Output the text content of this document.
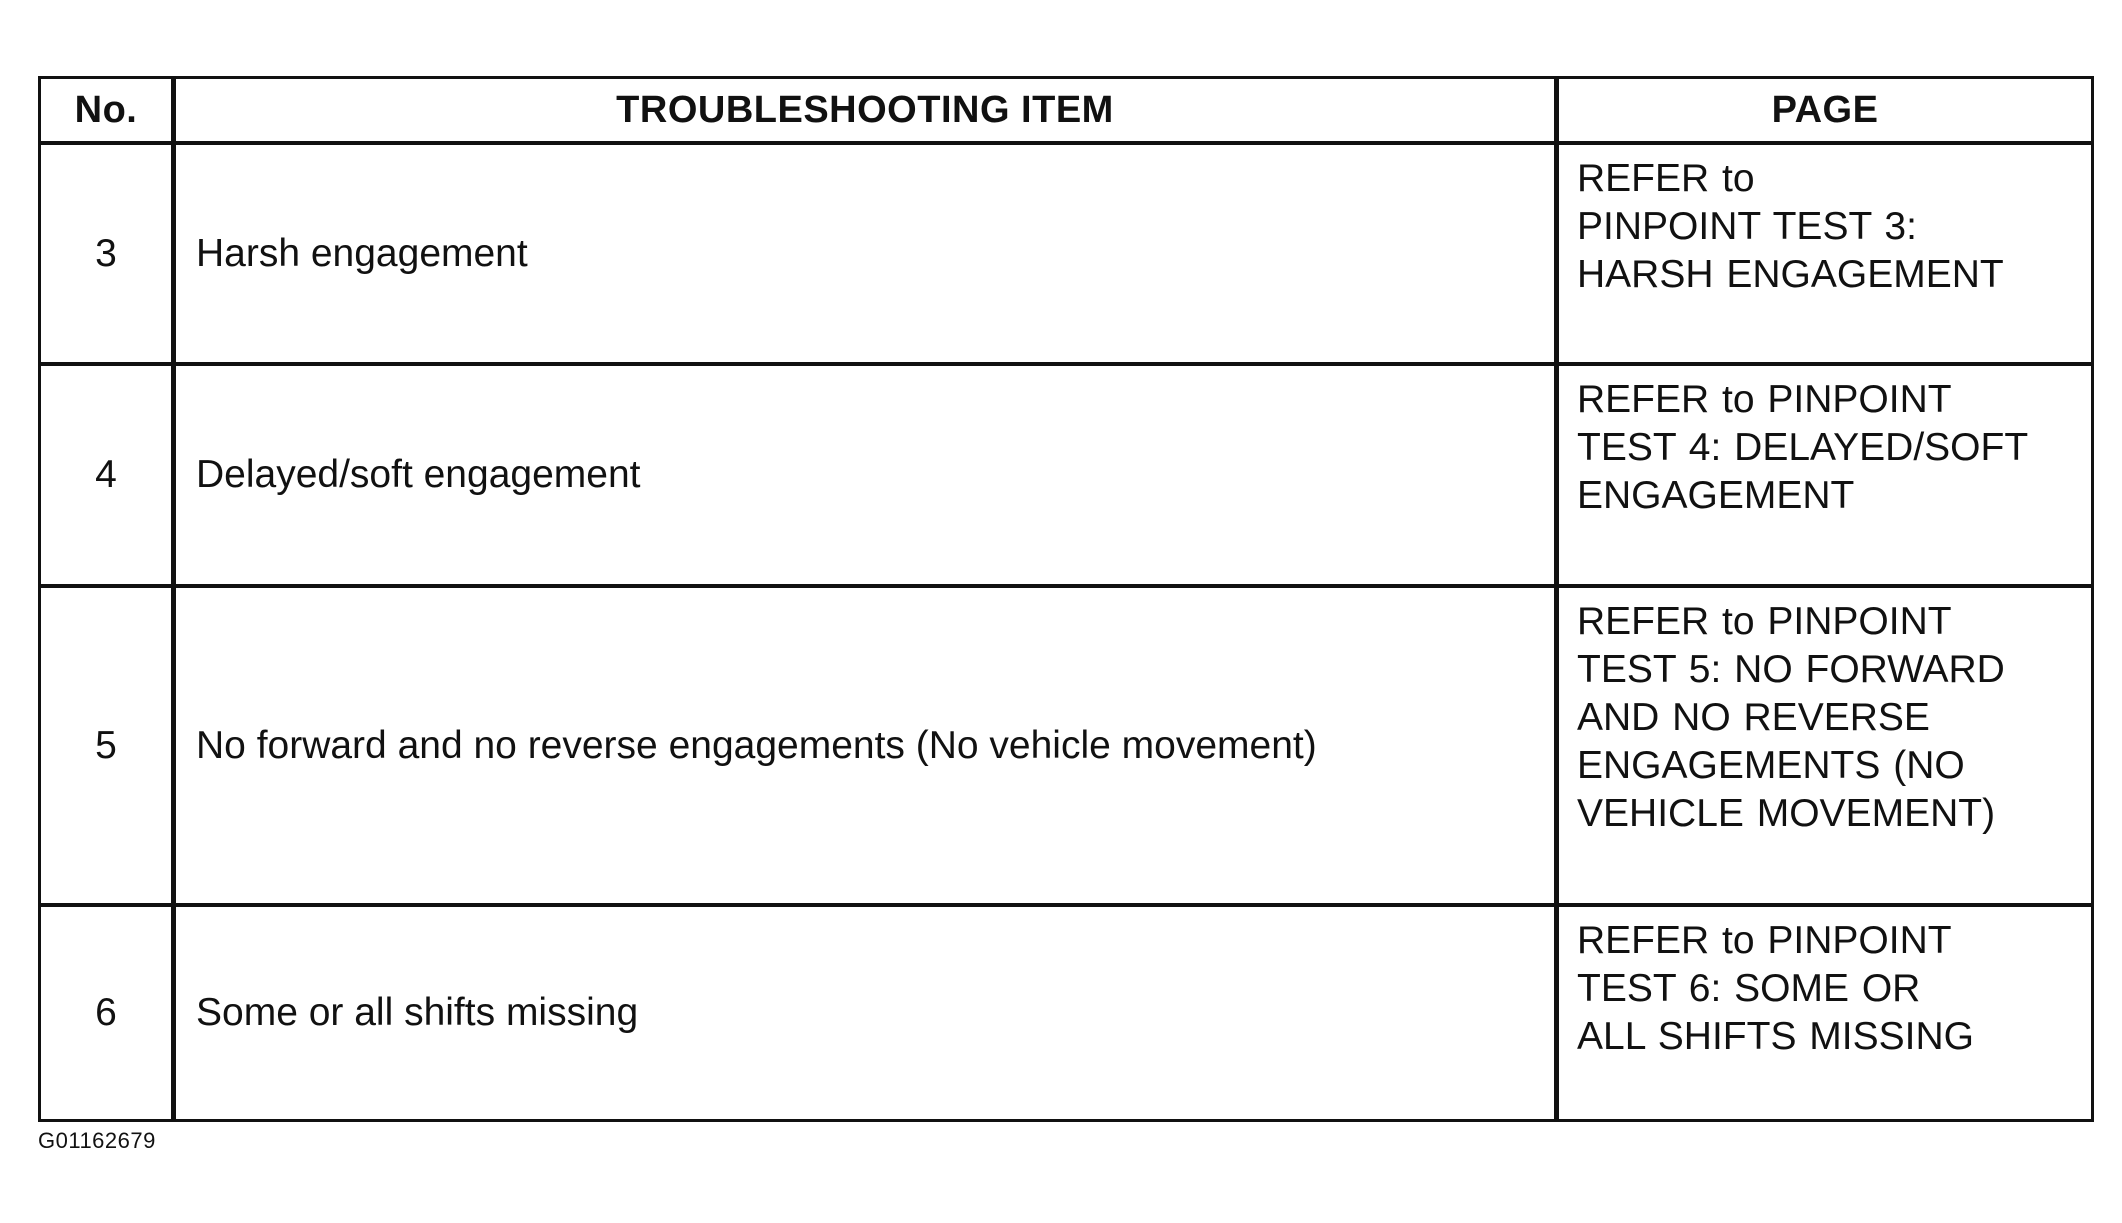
No.	TROUBLESHOOTING ITEM	PAGE
3	Harsh engagement	REFER to
PINPOINT TEST 3:
HARSH ENGAGEMENT
4	Delayed/soft engagement	REFER to PINPOINT
TEST 4: DELAYED/SOFT
ENGAGEMENT
5	No forward and no reverse engagements (No vehicle movement)	REFER to PINPOINT
TEST 5: NO FORWARD
AND NO REVERSE
ENGAGEMENTS (NO
VEHICLE MOVEMENT)
6	Some or all shifts missing	REFER to PINPOINT
TEST 6: SOME OR
ALL SHIFTS MISSING
G01162679
